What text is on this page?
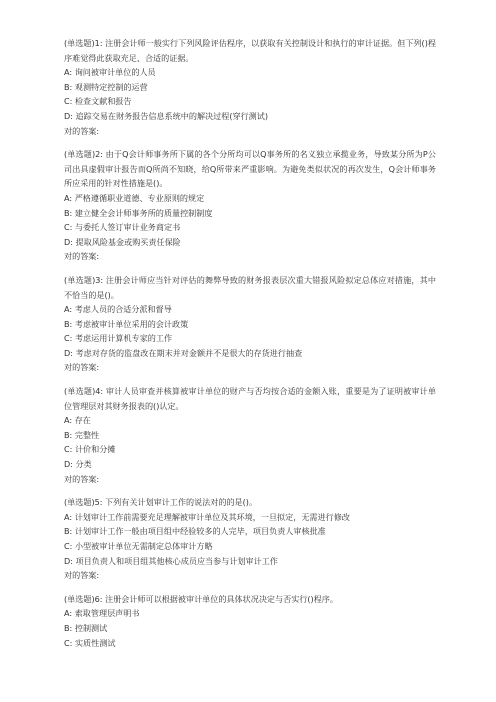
(单选题)1: 注册会计师一般实行下列风险评估程序，以获取有关控制设计和执行的审计证据。但下列()程序难觉得此获取充足、合适的证据。

A: 询问被审计单位的人员

B: 观测特定控制的运营

C: 检查文献和报告

D: 追踪交易在财务报告信息系统中的解决过程(穿行测试)

对的答案:

(单选题)2: 由于Q会计师事务所下属的各个分所均可以Q事务所的名义独立承揽业务，导致某分所为P公司出具虚假审计报告而Q所尚不知晓，给Q所带来严重影响。为避免类似状况的再次发生，Q会计师事务所应采用的针对性措施是()。

A: 严格遵循职业道德、专业原则的规定

B: 建立健全会计师事务所的质量控制制度

C: 与委托人签订审计业务商定书

D: 提取风险基金或购买责任保险

对的答案:

(单选题)3: 注册会计师应当针对评估的舞弊导致的财务报表层次重大错报风险拟定总体应对措施，其中不恰当的是()。

A: 考虑人员的合适分派和督导

B: 考虑被审计单位采用的会计政策

C: 考虑运用计算机专家的工作

D: 考虑对存货的监盘改在期末并对金额并不是很大的存货进行抽查

对的答案:

(单选题)4: 审计人员审查并核算被审计单位的财产与否均按合适的金额入账，重要是为了证明被审计单位管理层对其财务报表的()认定。

A: 存在

B: 完整性

C: 计价和分摊

D: 分类

对的答案:

(单选题)5: 下列有关计划审计工作的说法对的的是()。

A: 计划审计工作前需要充足理解被审计单位及其环境，一旦拟定，无需进行修改

B: 计划审计工作一般由项目组中经验较多的人完毕，项目负责人审核批准

C: 小型被审计单位无需制定总体审计方略

D: 项目负责人和项目组其他核心成员应当参与计划审计工作

对的答案:

(单选题)6: 注册会计师可以根据被审计单位的具体状况决定与否实行()程序。

A: 索取管理层声明书

B: 控制测试

C: 实质性测试
